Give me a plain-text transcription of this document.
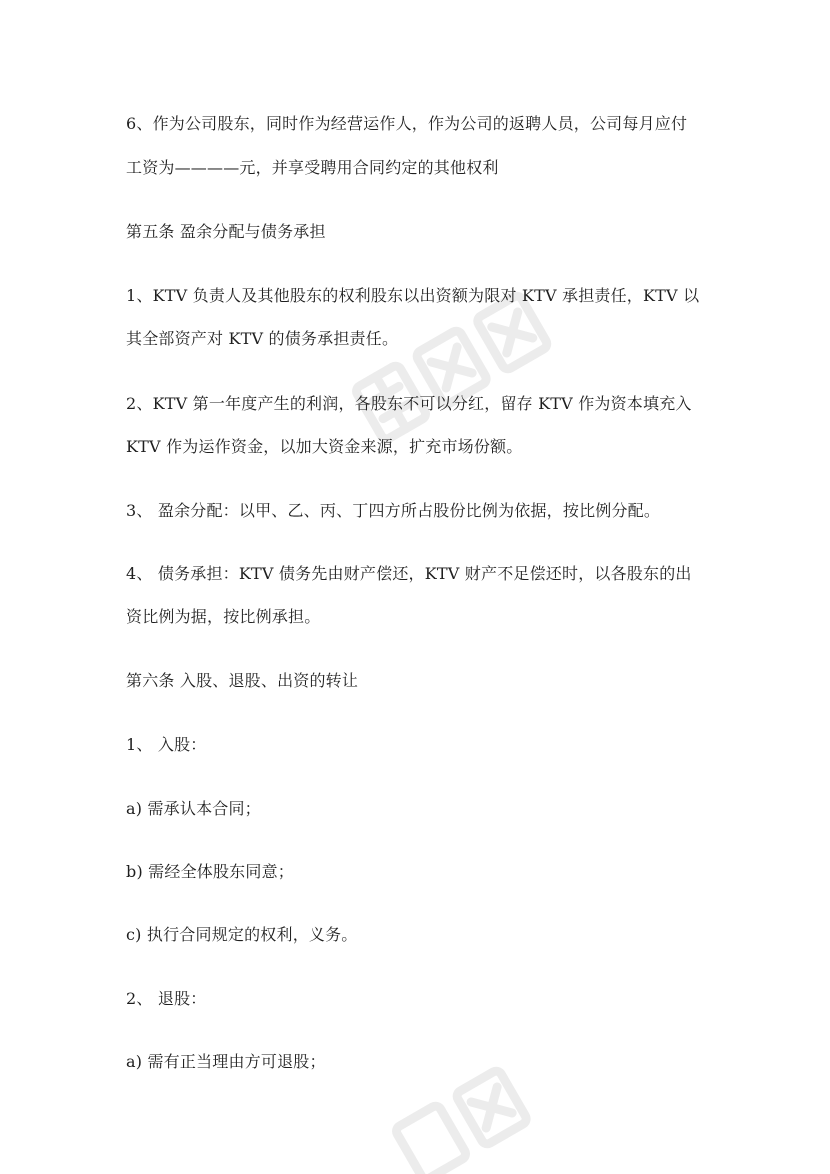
6、作为公司股东，同时作为经营运作人，作为公司的返聘人员，公司每月应付
工资为————元，并享受聘用合同约定的其他权利
第五条 盈余分配与债务承担
1、KTV 负责人及其他股东的权利股东以出资额为限对 KTV 承担责任，KTV 以
其全部资产对 KTV 的债务承担责任。
2、KTV 第一年度产生的利润，各股东不可以分红，留存 KTV 作为资本填充入
KTV 作为运作资金，以加大资金来源，扩充市场份额。
3、 盈余分配：以甲、乙、丙、丁四方所占股份比例为依据，按比例分配。
4、 债务承担：KTV 债务先由财产偿还，KTV 财产不足偿还时，以各股东的出
资比例为据，按比例承担。
第六条 入股、退股、出资的转让
1、 入股：
a) 需承认本合同；
b) 需经全体股东同意；
c) 执行合同规定的权利，义务。
2、 退股：
a) 需有正当理由方可退股；
